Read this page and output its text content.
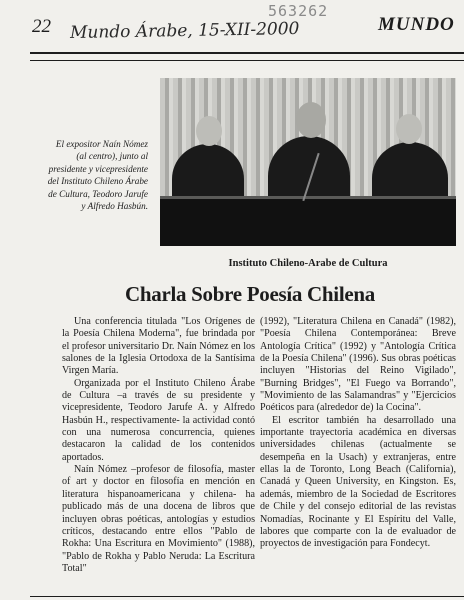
22 Mundo Árabe, 15-XII-2000
563262
MUNDO
El expositor Naín Nómez (al centro), junto al presidente y vicepresidente del Instituto Chileno Árabe de Cultura, Teodoro Jarufe y Alfredo Hasbún.
Instituto Chileno-Arabe de Cultura
Charla Sobre Poesía Chilena

Una conferencia titulada "Los Orígenes de la Poesía Chilena Moderna", fue brindada por el profesor universitario Dr. Naín Nómez en los salones de la Iglesia Ortodoxa de la Santísima Virgen María.

Organizada por el Instituto Chileno Árabe de Cultura –a través de su presidente y vicepresidente, Teodoro Jarufe A. y Alfredo Hasbún H., respectivamente- la actividad contó con una numerosa concurrencia, quienes destacaron la calidad de los contenidos aportados.

Naín Nómez –profesor de filosofía, master of art y doctor en filosofía en mención en literatura hispanoamericana y chilena- ha publicado más de una docena de libros que incluyen obras poéticas, antologías y estudios críticos, destacando entre ellos "Pablo de Rokha: Una Escritura en Movimiento" (1988), "Pablo de Rokha y Pablo Neruda: La Escritura Total"

(1992), "Literatura Chilena en Canadá" (1982), "Poesía Chilena Contemporánea: Breve Antología Crítica" (1992) y "Antología Crítica de la Poesía Chilena" (1996). Sus obras poéticas incluyen "Historias del Reino Vigilado", "Burning Bridges", "El Fuego va Borrando", "Movimiento de las Salamandras" y "Ejercicios Poéticos para (alrededor de) la Cocina".

El escritor también ha desarrollado una importante trayectoria académica en diversas universidades chilenas (actualmente se desempeña en la Usach) y extranjeras, entre ellas la de Toronto, Long Beach (California), Canadá y Queen University, en Kingston. Es, además, miembro de la Sociedad de Escritores de Chile y del consejo editorial de las revistas Nomadías, Rocinante y El Espíritu del Valle, labores que comparte con la de evaluador de proyectos de investigación para Fondecyt.
